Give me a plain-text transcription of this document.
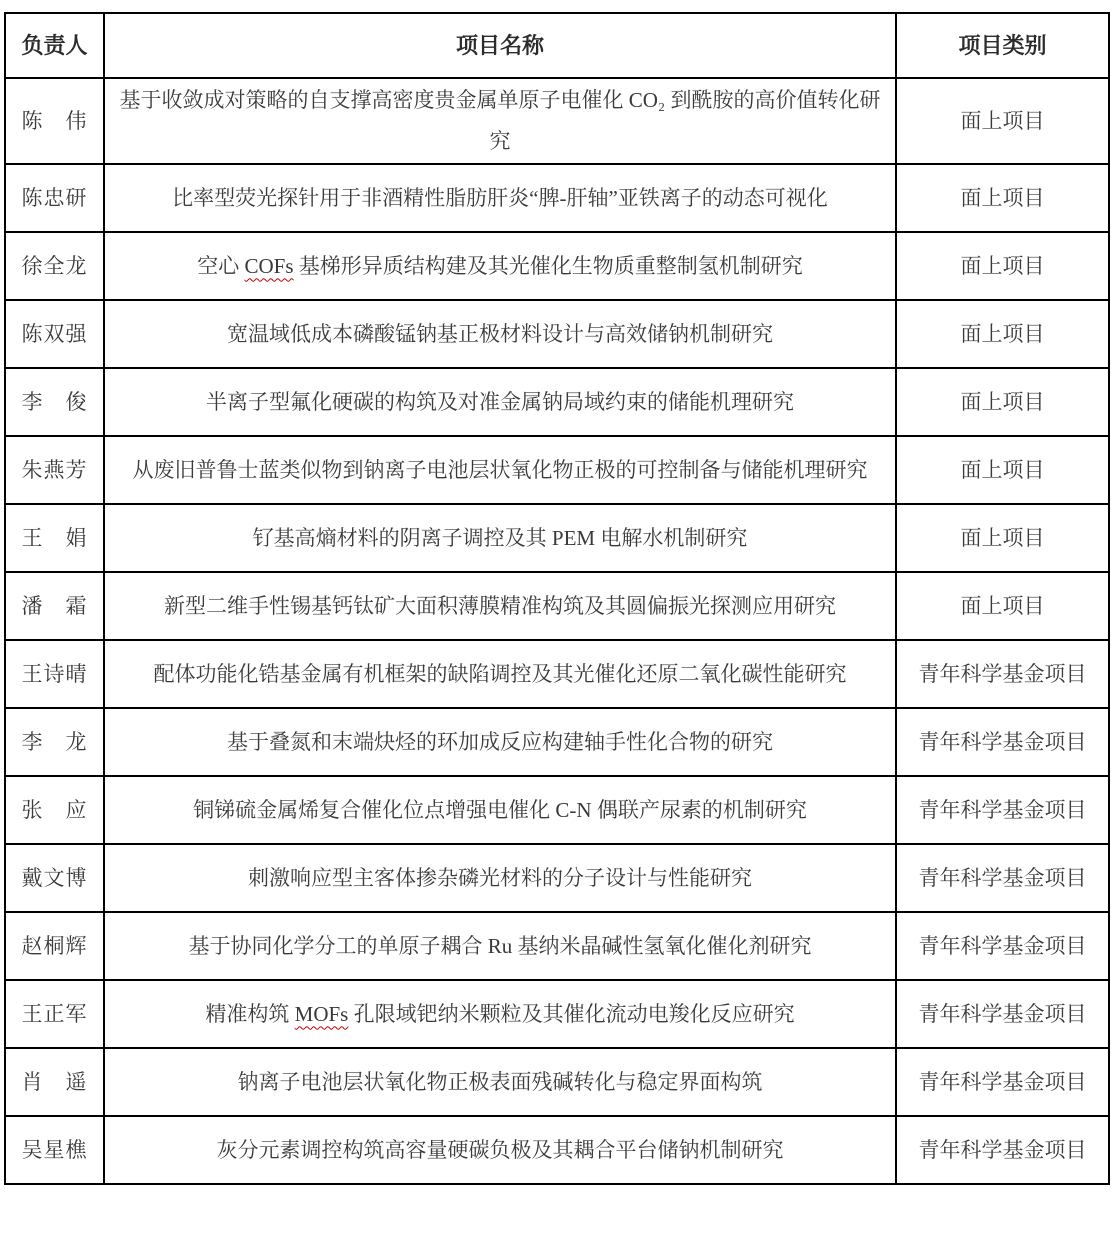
负责人	项目名称	项目类别
陈　伟	基于收敛成对策略的自支撑高密度贵金属单原子电催化 CO₂ 到酰胺的高价值转化研究	面上项目
陈忠研	比率型荧光探针用于非酒精性脂肪肝炎“脾-肝轴”亚铁离子的动态可视化	面上项目
徐全龙	空心 COFs 基梯形异质结构建及其光催化生物质重整制氢机制研究	面上项目
陈双强	宽温域低成本磷酸锰钠基正极材料设计与高效储钠机制研究	面上项目
李　俊	半离子型氟化硬碳的构筑及对准金属钠局域约束的储能机理研究	面上项目
朱燕芳	从废旧普鲁士蓝类似物到钠离子电池层状氧化物正极的可控制备与储能机理研究	面上项目
王　娟	钌基高熵材料的阴离子调控及其 PEM 电解水机制研究	面上项目
潘　霜	新型二维手性锡基钙钛矿大面积薄膜精准构筑及其圆偏振光探测应用研究	面上项目
王诗晴	配体功能化锆基金属有机框架的缺陷调控及其光催化还原二氧化碳性能研究	青年科学基金项目
李　龙	基于叠氮和末端炔烃的环加成反应构建轴手性化合物的研究	青年科学基金项目
张　应	铜锑硫金属烯复合催化位点增强电催化 C-N 偶联产尿素的机制研究	青年科学基金项目
戴文博	刺激响应型主客体掺杂磷光材料的分子设计与性能研究	青年科学基金项目
赵桐辉	基于协同化学分工的单原子耦合 Ru 基纳米晶碱性氢氧化催化剂研究	青年科学基金项目
王正军	精准构筑 MOFs 孔限域钯纳米颗粒及其催化流动电羧化反应研究	青年科学基金项目
肖　遥	钠离子电池层状氧化物正极表面残碱转化与稳定界面构筑	青年科学基金项目
吴星樵	灰分元素调控构筑高容量硬碳负极及其耦合平台储钠机制研究	青年科学基金项目
